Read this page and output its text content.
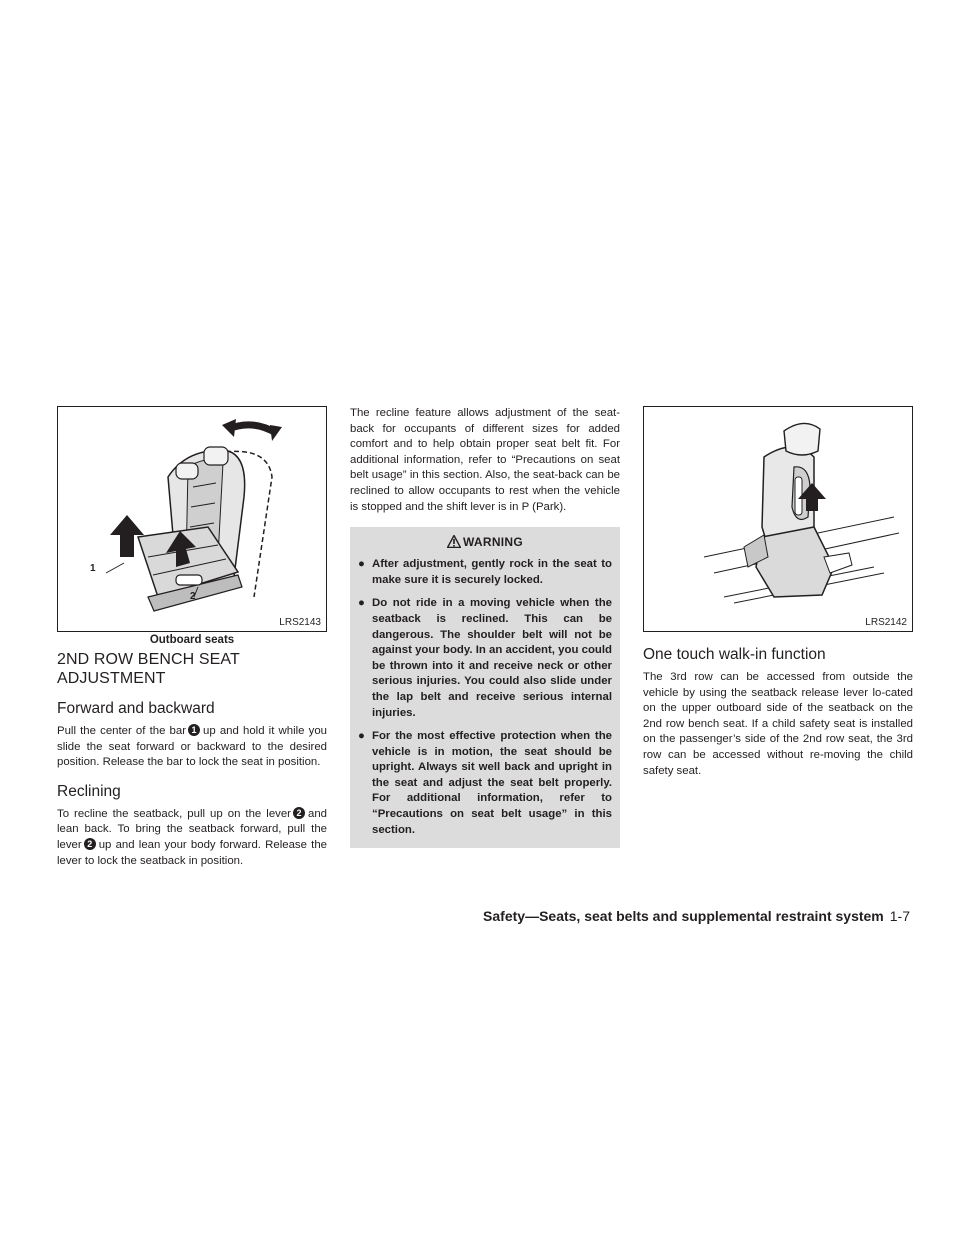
1
2
LRS2143
Outboard seats
2ND ROW BENCH SEAT ADJUSTMENT
Forward and backward

Pull the center of the bar 1 up and hold it while you slide the seat forward or backward to the desired position. Release the bar to lock the seat in position.

Reclining

To recline the seatback, pull up on the lever 2 and lean back. To bring the seatback forward, pull the lever 2 up and lean your body forward. Release the lever to lock the seatback in position.

The recline feature allows adjustment of the seat-back for occupants of different sizes for added comfort and to help obtain proper seat belt fit. For additional information, refer to “Precautions on seat belt usage” in this section. Also, the seat-back can be reclined to allow occupants to rest when the vehicle is stopped and the shift lever is in P (Park).

WARNING
● After adjustment, gently rock in the seat to make sure it is securely locked.
● Do not ride in a moving vehicle when the seatback is reclined. This can be dangerous. The shoulder belt will not be against your body. In an accident, you could be thrown into it and receive neck or other serious injuries. You could also slide under the lap belt and receive serious internal injuries.
● For the most effective protection when the vehicle is in motion, the seat should be upright. Always sit well back and upright in the seat and adjust the seat belt properly. For additional information, refer to “Precautions on seat belt usage” in this section.
LRS2142
One touch walk-in function

The 3rd row can be accessed from outside the vehicle by using the seatback release lever lo-cated on the upper outboard side of the seatback on the 2nd row bench seat. If a child safety seat is installed on the passenger’s side of the 2nd row seat, the 3rd row can be accessed without re-moving the child safety seat.

Safety—Seats, seat belts and supplemental restraint system 1-7
